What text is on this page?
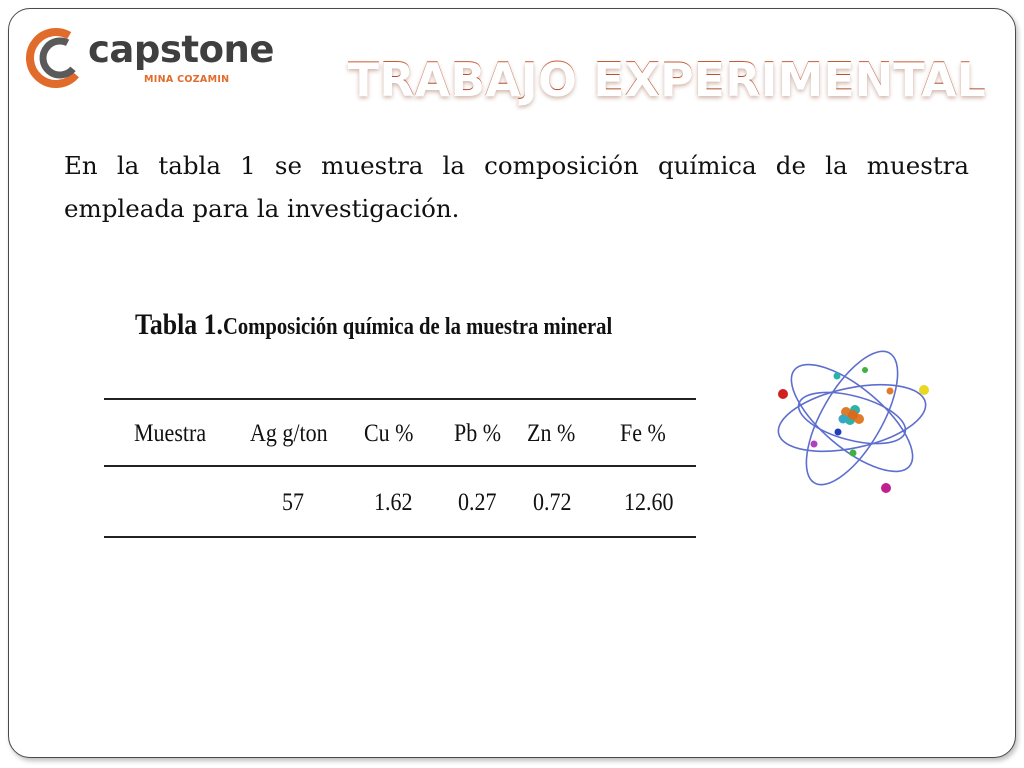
capstone
MINA COZAMIN	TRABAJO EXPERIMENTAL
En la tabla 1 se muestra la composición química de la muestra empleada para la investigación.
Tabla 1.Composición química de la muestra mineral
Muestra Ag g/ton Cu % Pb % Zn % Fe %
57	1.62 0.27 0.72 12.60
